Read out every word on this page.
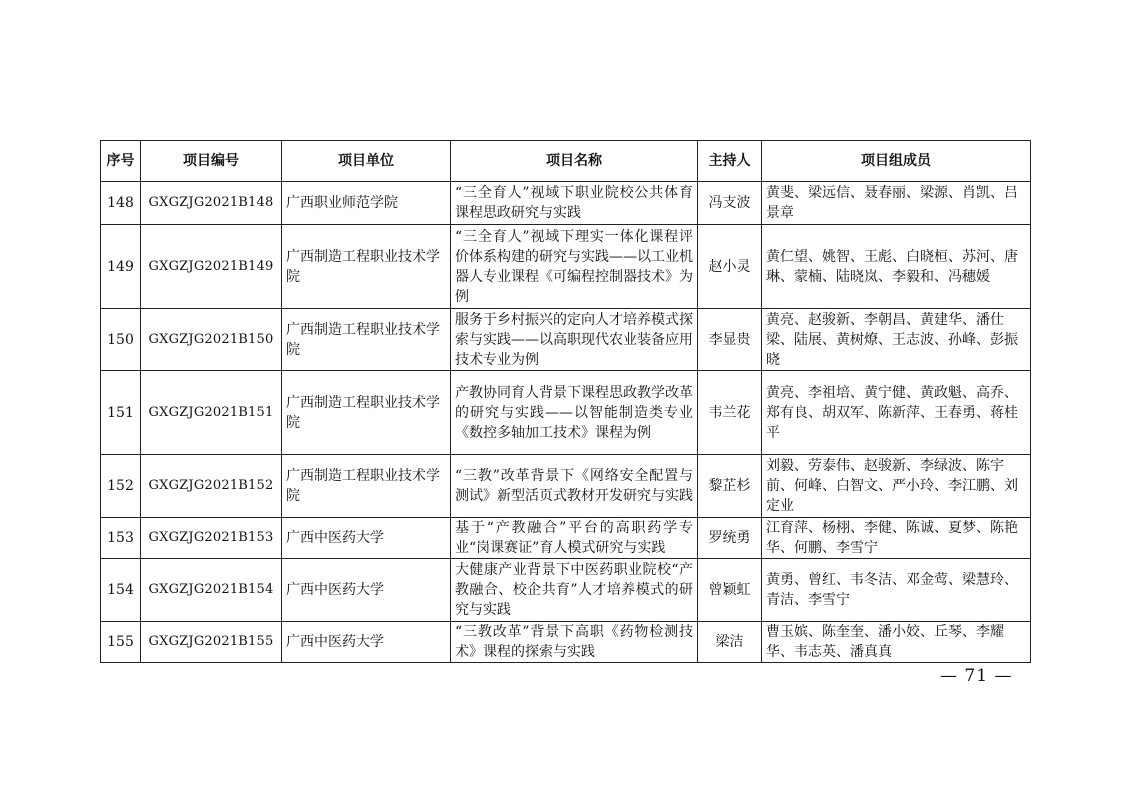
序号	项目编号	项目单位	项目名称	主持人	项目组成员
148	GXGZJG2021B148	广西职业师范学院	“三全育人”视域下职业院校公共体育课程思政研究与实践	冯支波	黄斐、梁远信、聂春丽、梁源、肖凯、吕景章
149	GXGZJG2021B149	广西制造工程职业技术学院	“三全育人”视域下理实一体化课程评价体系构建的研究与实践——以工业机器人专业课程《可编程控制器技术》为例	赵小灵	黄仁望、姚智、王彪、白晓桓、苏河、唐琳、蒙楠、陆晓岚、李毅和、冯穗媛
150	GXGZJG2021B150	广西制造工程职业技术学院	服务于乡村振兴的定向人才培养模式探索与实践——以高职现代农业装备应用技术专业为例	李显贵	黄亮、赵骏新、李朝昌、黄建华、潘仕梁、陆展、黄树燎、王志波、孙峰、彭振晓
151	GXGZJG2021B151	广西制造工程职业技术学院	产教协同育人背景下课程思政教学改革的研究与实践——以智能制造类专业《数控多轴加工技术》课程为例	韦兰花	黄亮、李祖培、黄宁健、黄政魁、高乔、郑有良、胡双军、陈新萍、王春勇、蒋桂平
152	GXGZJG2021B152	广西制造工程职业技术学院	“三教”改革背景下《网络安全配置与测试》新型活页式教材开发研究与实践	黎芷杉	刘毅、劳泰伟、赵骏新、李绿波、陈宇前、何峰、白智文、严小玲、李江鹏、刘定业
153	GXGZJG2021B153	广西中医药大学	基于“产教融合”平台的高职药学专业“岗课赛证”育人模式研究与实践	罗统勇	江育萍、杨栩、李健、陈诚、夏梦、陈艳华、何鹏、李雪宁
154	GXGZJG2021B154	广西中医药大学	大健康产业背景下中医药职业院校“产教融合、校企共育”人才培养模式的研究与实践	曾颖虹	黄勇、曾红、韦冬洁、邓金莺、梁慧玲、青洁、李雪宁
155	GXGZJG2021B155	广西中医药大学	“三教改革”背景下高职《药物检测技术》课程的探索与实践	梁洁	曹玉嫔、陈奎奎、潘小姣、丘琴、李耀华、韦志英、潘真真
— 71 —
